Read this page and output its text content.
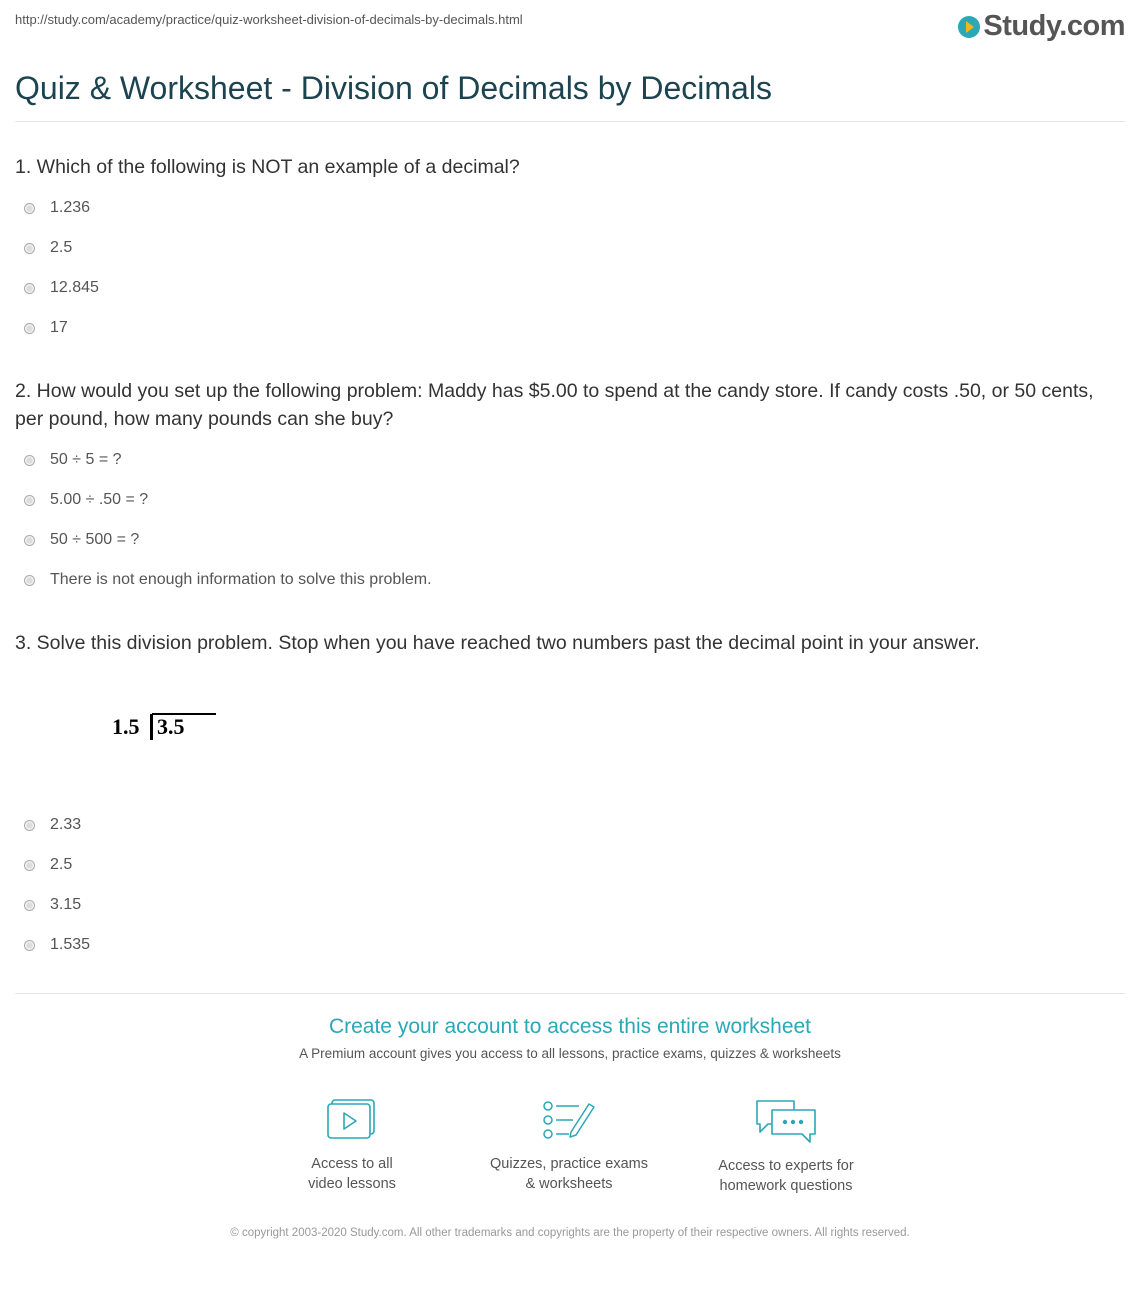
http://study.com/academy/practice/quiz-worksheet-division-of-decimals-by-decimals.html	Study.com
Quiz & Worksheet - Division of Decimals by Decimals

1. Which of the following is NOT an example of a decimal?

1.236
2.5
12.845
17

2. How would you set up the following problem: Maddy has $5.00 to spend at the candy store. If candy costs .50, or 50 cents, per pound, how many pounds can she buy?

50 ÷ 5 = ?
5.00 ÷ .50 = ?
50 ÷ 500 = ?
There is not enough information to solve this problem.

3. Solve this division problem. Stop when you have reached two numbers past the decimal point in your answer.

1.5 3.5
2.33
2.5
3.15
1.535
Create your account to access this entire worksheet
A Premium account gives you access to all lessons, practice exams, quizzes & worksheets
Access to all
video lessons
Quizzes, practice exams
& worksheets
Access to experts for
homework questions
© copyright 2003-2020 Study.com. All other trademarks and copyrights are the property of their respective owners. All rights reserved.
